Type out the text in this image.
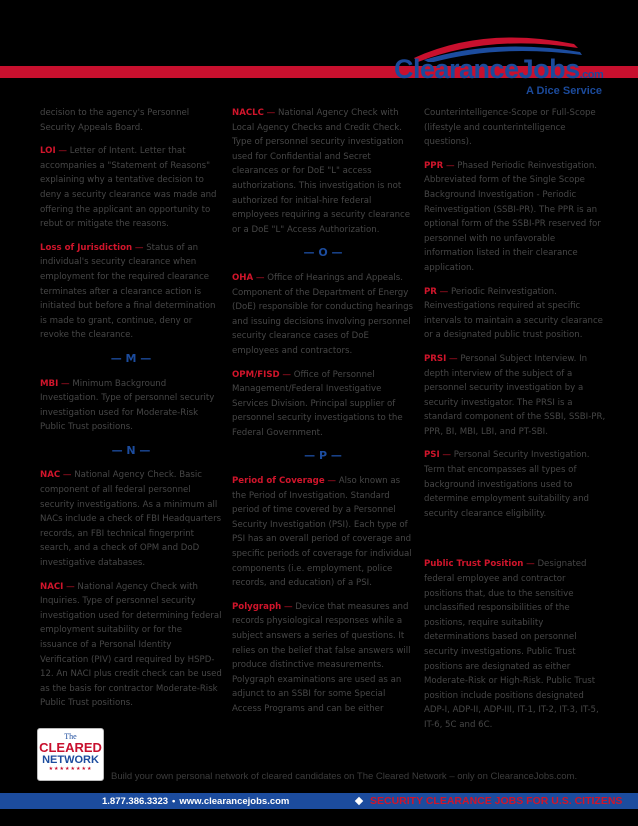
ClearanceJobs.com
A Dice Service
decision to the agency's Personnel Security Appeals Board.
LOI — Letter of Intent. Letter that accompanies a "Statement of Reasons" explaining why a tentative decision to deny a security clearance was made and offering the applicant an opportunity to rebut or mitigate the reasons.
Loss of Jurisdiction — Status of an individual's security clearance when employment for the required clearance terminates after a clearance action is initiated but before a final determination is made to grant, continue, deny or revoke the clearance.
— M —
MBI — Minimum Background Investigation. Type of personnel security investigation used for Moderate-Risk Public Trust positions.
— N —
NAC — National Agency Check. Basic component of all federal personnel security investigations. As a minimum all NACs include a check of FBI Headquarters records, an FBI technical fingerprint search, and a check of OPM and DoD investigative databases.
NACI — National Agency Check with Inquiries. Type of personnel security investigation used for determining federal employment suitability or for the issuance of a Personal Identity Verification (PIV) card required by HSPD-12. An NACI plus credit check can be used as the basis for contractor Moderate-Risk Public Trust positions.
NACLC — National Agency Check with Local Agency Checks and Credit Check. Type of personnel security investigation used for Confidential and Secret clearances or for DoE "L" access authorizations. This investigation is not authorized for initial-hire federal employees requiring a security clearance or a DoE "L" Access Authorization.
— O —
OHA — Office of Hearings and Appeals. Component of the Department of Energy (DoE) responsible for conducting hearings and issuing decisions involving personnel security clearance cases of DoE employees and contractors.
OPM/FISD — Office of Personnel Management/Federal Investigative Services Division. Principal supplier of personnel security investigations to the Federal Government.
— P —
Period of Coverage — Also known as the Period of Investigation. Standard period of time covered by a Personnel Security Investigation (PSI). Each type of PSI has an overall period of coverage and specific periods of coverage for individual components (i.e. employment, police records, and education) of a PSI.
Polygraph — Device that measures and records physiological responses while a subject answers a series of questions. It relies on the belief that false answers will produce distinctive measurements. Polygraph examinations are used as an adjunct to an SSBI for some Special Access Programs and can be either
Counterintelligence-Scope or Full-Scope (lifestyle and counterintelligence questions).
PPR — Phased Periodic Reinvestigation. Abbreviated form of the Single Scope Background Investigation - Periodic Reinvestigation (SSBI-PR). The PPR is an optional form of the SSBI-PR reserved for personnel with no unfavorable information listed in their clearance application.
PR — Periodic Reinvestigation. Reinvestigations required at specific intervals to maintain a security clearance or a designated public trust position.
PRSI — Personal Subject Interview. In depth interview of the subject of a personnel security investigation by a security investigator. The PRSI is a standard component of the SSBI, SSBI-PR, PPR, BI, MBI, LBI, and PT-SBI.
PSI — Personal Security Investigation. Term that encompasses all types of background investigations used to determine employment suitability and security clearance eligibility.
Public Trust Position — Designated federal employee and contractor positions that, due to the sensitive unclassified responsibilities of the positions, require suitability determinations based on personnel security investigations. Public Trust positions are designated as either Moderate-Risk or High-Risk. Public Trust position include positions designated ADP-I, ADP-II, ADP-III, IT-1, IT-2, IT-3, IT-5, IT-6, 5C and 6C.
The
CLEARED
NETWORK
★★★★★★★★
Build your own personal network of cleared candidates on The Cleared Network – only on ClearanceJobs.com.
1.877.386.3323 • www.clearancejobs.com	SECURITY CLEARANCE JOBS FOR U.S. CITIZENS
